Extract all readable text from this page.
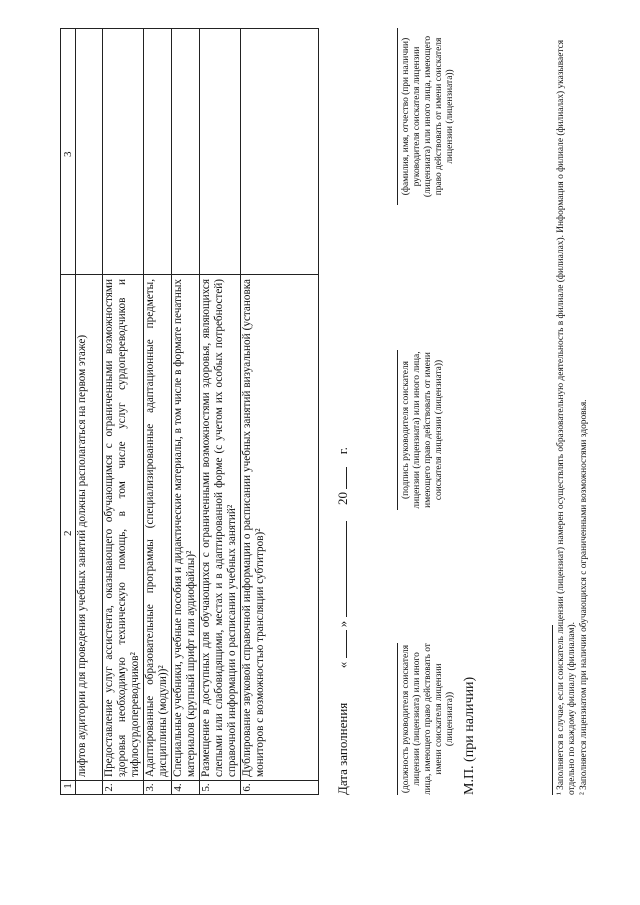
1
2
3
лифтов аудитории для проведения учебных занятий должны располагаться на первом этаже)
2.
Предоставление услуг ассистента, оказывающего обучающимся с ограниченными возможностями здоровья необходимую техническую помощь, в том числе услуг сурдопереводчиков и тифлосурдопереводчиков²
3.
Адаптированные образовательные программы (специализированные адаптационные предметы, дисциплины (модули))²
4.
Специальные учебники, учебные пособия и дидактические материалы, в том числе в формате печатных материалов (крупный шрифт или аудиофайлы)²
5.
Размещение в доступных для обучающихся с ограниченными возможностями здоровья, являющихся слепыми или слабовидящими, местах и в адаптированной форме (с учетом их особых потребностей) справочной информации о расписании учебных занятий²
6.
Дублирование звуковой справочной информации о расписании учебных занятий визуальной (установка мониторов с возможностью трансляции субтитров)²	Дата заполнения  «  »   20   г.
(должность руководителя соискателя лицензии (лицензиата) или иного лица, имеющего право действовать от имени соискателя лицензии (лицензиата))
(подпись руководителя соискателя лицензии (лицензиата) или иного лица, имеющего право действовать от имени соискателя лицензии (лицензиата))
(фамилия, имя, отчество (при наличии) руководителя соискателя лицензии (лицензиата) или иного лица, имеющего право действовать от имени соискателя лицензии (лицензиата))
М.П. (при наличии)	¹ Заполняется в случае, если соискатель лицензии (лицензиат) намерен осуществлять образовательную деятельность в филиале (филиалах). Информация о филиале (филиалах) указывается отдельно по каждому филиалу (филиалам). ² Заполняется лицензиатом при наличии обучающихся с ограниченными возможностями здоровья.
